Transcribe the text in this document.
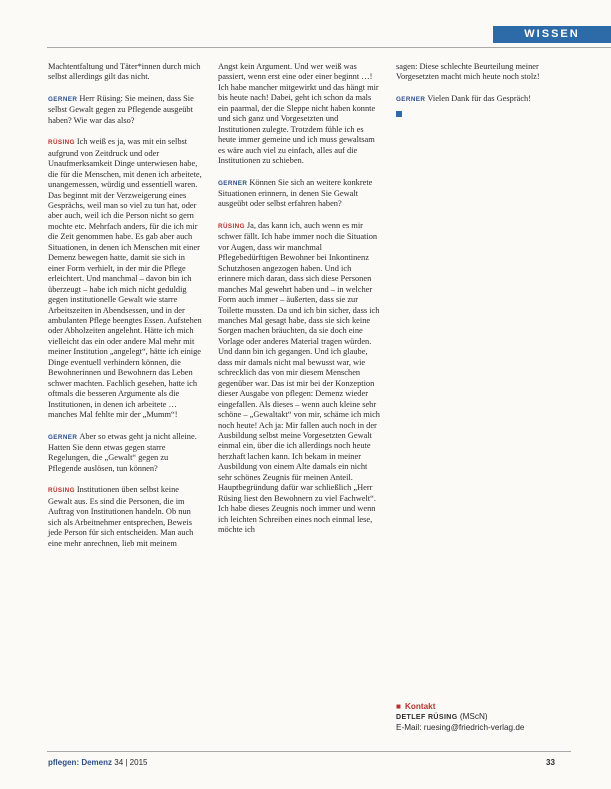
WISSEN

Machtentfaltung und Täter*innen durch mich selbst allerdings gilt das nicht.

GERNER Herr Rüsing: Sie meinen, dass Sie selbst Gewalt gegen zu Pflegende ausgeübt haben? Wie war das also?

RÜSING Ich weiß es ja, was mit ein selbst aufgrund von Zeitdruck und oder Unaufmerksamkeit Dinge unterwiesen habe, die für die Menschen, mit denen ich arbeitete, unangemessen, würdig und essentiell waren. Das beginnt mit der Verzweigerung eines Gesprächs, weil man so viel zu tun hat, oder aber auch, weil ich die Person nicht so gern mochte etc. Mehrfach anders, für die ich mir die Zeit genommen habe. Es gab aber auch Situationen, in denen ich Menschen mit einer Demenz bewegen hatte, damit sie sich in einer Form verhielt, in der mir die Pflege erleichtert. Und manchmal – davon bin ich überzeugt – habe ich mich nicht geduldig gegen institutionelle Gewalt wie starre Arbeitszeiten in Abendsessen, und in der ambulanten Pflege beengtes Essen. Aufstehen oder Abholzeiten angelehnt. Hätte ich mich vielleicht das ein oder andere Mal mehr mit meiner Institution „angelegt“, hätte ich einige Dinge eventuell verhindern können, die Bewohnerinnen und Bewohnern das Leben schwer machten. Fachlich gesehen, hatte ich oftmals die besseren Argumente als die Institutionen, in denen ich arbeitete … manches Mal fehlte mir der „Mumm“!

GERNER Aber so etwas geht ja nicht alleine. Hatten Sie denn etwas gegen starre Regelungen, die „Gewalt“ gegen zu Pflegende auslösen, tun können?

RÜSING Institutionen üben selbst keine Gewalt aus. Es sind die Personen, die im Auftrag von Institutionen handeln. Ob nun sich als Arbeitnehmer entsprechen, Beweis jede Person für sich entscheiden. Man auch eine mehr anrechnen, lieb mit meinem

Angst kein Argument. Und wer weiß was passiert, wenn erst eine oder einer beginnt …! Ich habe mancher mitgewirkt und das hängt mir bis heute nach! Dabei, geht ich schon da mals ein paarmal, der die Sleppe nicht haben konnte und sich ganz und Vorgesetzten und Institutionen zulegte. Trotzdem fühle ich es heute immer gemeine und ich muss gewaltsam es wäre auch viel zu einfach, alles auf die Institutionen zu schieben.

GERNER Können Sie sich an weitere konkrete Situationen erinnern, in denen Sie Gewalt ausgeübt oder selbst erfahren haben?

RÜSING Ja, das kann ich, auch wenn es mir schwer fällt. Ich habe immer noch die Situation vor Augen, dass wir manchmal Pflegebedürftigen Bewohner bei Inkontinenz Schutzhosen angezogen haben. Und ich erinnere mich daran, dass sich diese Personen manches Mal gewehrt haben und – in welcher Form auch immer – äußerten, dass sie zur Toilette mussten. Da und ich bin sicher, dass ich manches Mal gesagt habe, dass sie sich keine Sorgen machen bräuchten, da sie doch eine Vorlage oder anderes Material tragen würden. Und dann bin ich gegangen. Und ich glaube, dass mir damals nicht mal bewusst war, wie schrecklich das von mir diesem Menschen gegenüber war. Das ist mir bei der Konzeption dieser Ausgabe von pflegen: Demenz wieder eingefallen. Als dieses – wenn auch kleine sehr schöne – „Gewaltakt“ von mir, schäme ich mich noch heute! Ach ja: Mir fallen auch noch in der Ausbildung selbst meine Vorgesetzten Gewalt einmal ein, über die ich allerdings noch heute herzhaft lachen kann. Ich bekam in meiner Ausbildung von einem Alte damals ein nicht sehr schönes Zeugnis für meinen Anteil. Hauptbegründung dafür war schließlich „Herr Rüsing liest den Bewohnern zu viel Fachwelt“. Ich habe dieses Zeugnis noch immer und wenn ich leichten Schreiben eines noch einmal lese, möchte ich

sagen: Diese schlechte Beurteilung meiner Vorgesetzten macht mich heute noch stolz!

GERNER Vielen Dank für das Gespräch!

■ Kontakt
DETLEF RÜSING (MScN)
E-Mail: ruesing@friedrich-verlag.de
pflegen: Demenz 34 | 2015	33
